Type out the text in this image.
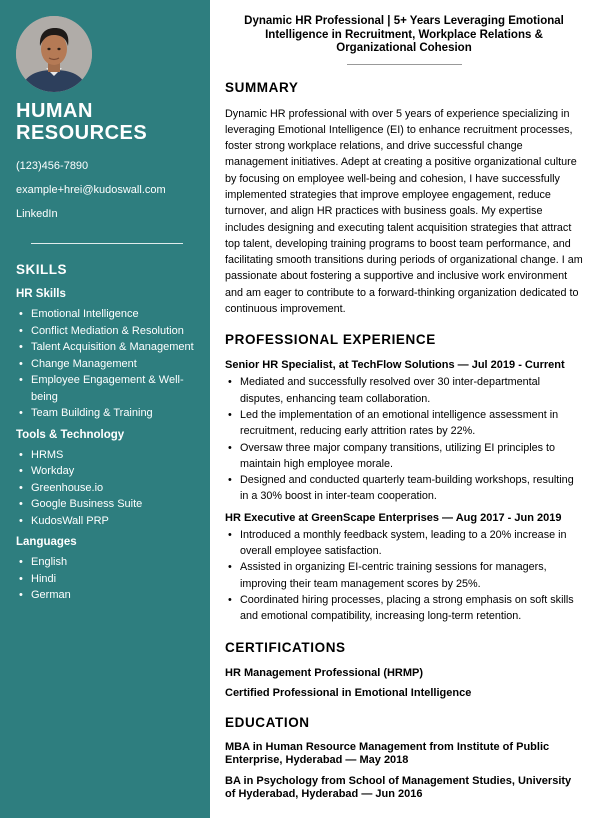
HUMAN RESOURCES
(123)456-7890
example+hrei@kudoswall.com
LinkedIn
SKILLS
HR Skills
• Emotional Intelligence
• Conflict Mediation & Resolution
• Talent Acquisition & Management
• Change Management
• Employee Engagement & Well-being
• Team Building & Training
Tools & Technology
• HRMS
• Workday
• Greenhouse.io
• Google Business Suite
• KudosWall PRP
Languages
• English
• Hindi
• German
Dynamic HR Professional | 5+ Years Leveraging Emotional Intelligence in Recruitment, Workplace Relations & Organizational Cohesion
SUMMARY

Dynamic HR professional with over 5 years of experience specializing in leveraging Emotional Intelligence (EI) to enhance recruitment processes, foster strong workplace relations, and drive successful change management initiatives. Adept at creating a positive organizational culture by focusing on employee well-being and cohesion, I have successfully implemented strategies that improve employee engagement, reduce turnover, and align HR practices with business goals. My expertise includes designing and executing talent acquisition strategies that attract top talent, developing training programs to boost team performance, and facilitating smooth transitions during periods of organizational change. I am passionate about fostering a supportive and inclusive work environment and am eager to contribute to a forward-thinking organization dedicated to continuous improvement.

PROFESSIONAL EXPERIENCE
Senior HR Specialist, at TechFlow Solutions — Jul 2019 - Current
• Mediated and successfully resolved over 30 inter-departmental disputes, enhancing team collaboration.
• Led the implementation of an emotional intelligence assessment in recruitment, reducing early attrition rates by 22%.
• Oversaw three major company transitions, utilizing EI principles to maintain high employee morale.
• Designed and conducted quarterly team-building workshops, resulting in a 30% boost in inter-team cooperation.
HR Executive at GreenScape Enterprises — Aug 2017 - Jun 2019
• Introduced a monthly feedback system, leading to a 20% increase in overall employee satisfaction.
• Assisted in organizing EI-centric training sessions for managers, improving their team management scores by 25%.
• Coordinated hiring processes, placing a strong emphasis on soft skills and emotional compatibility, increasing long-term retention.
CERTIFICATIONS
HR Management Professional (HRMP)
Certified Professional in Emotional Intelligence
EDUCATION
MBA in Human Resource Management from Institute of Public Enterprise, Hyderabad — May 2018
BA in Psychology from School of Management Studies, University of Hyderabad, Hyderabad — Jun 2016
